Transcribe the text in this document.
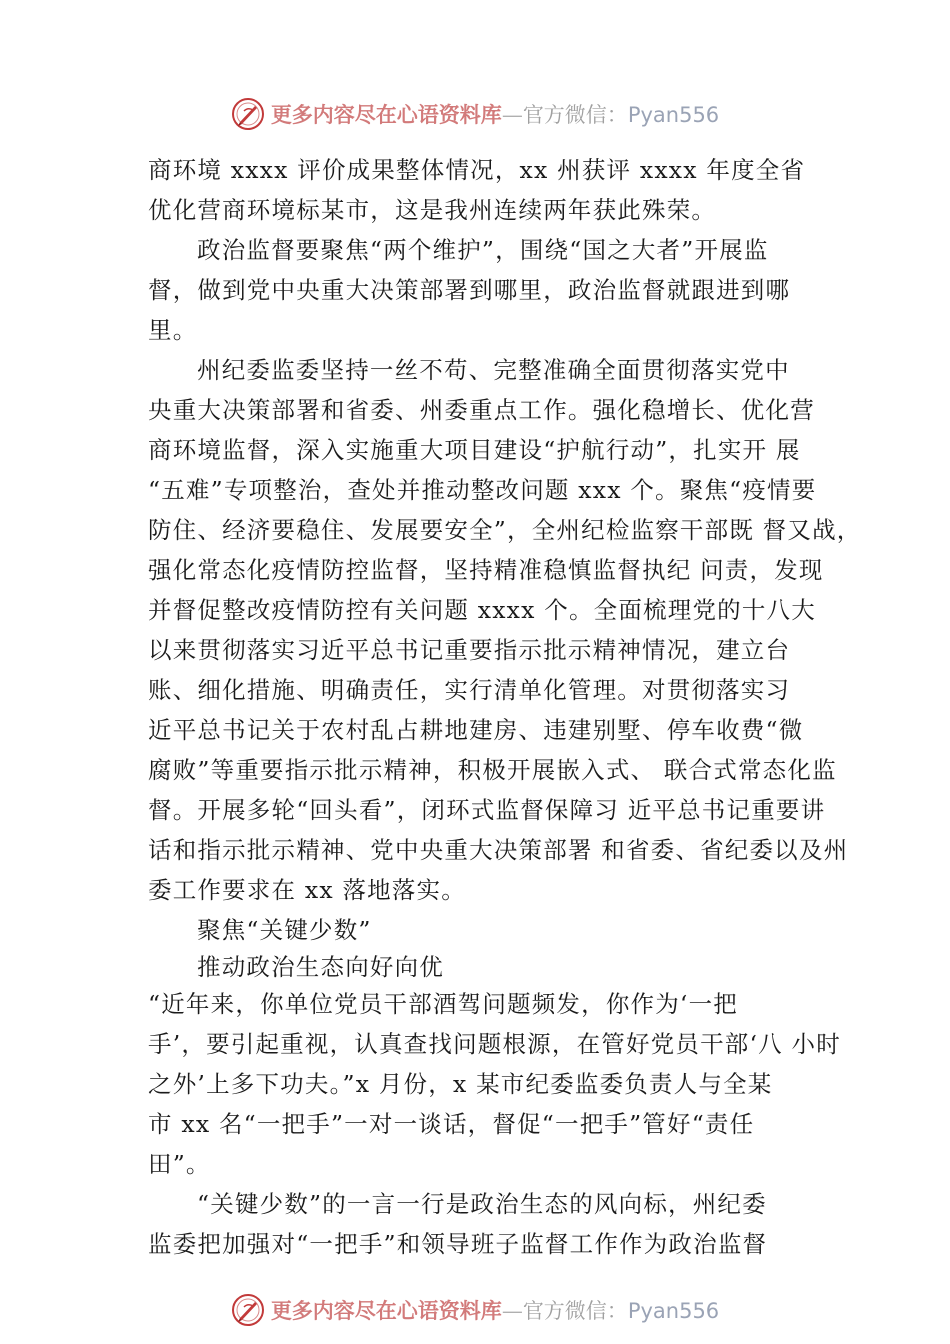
更多内容尽在心语资料库—官方微信：Pyan556
商环境 xxxx 评价成果整体情况，xx 州获评 xxxx 年度全省
优化营商环境标某市，这是我州连续两年获此殊荣。
政治监督要聚焦“两个维护”，围绕“国之大者”开展监
督，做到党中央重大决策部署到哪里，政治监督就跟进到哪
里。
州纪委监委坚持一丝不苟、完整准确全面贯彻落实党中
央重大决策部署和省委、州委重点工作。强化稳增长、优化营
商环境监督，深入实施重大项目建设“护航行动”，扎实开 展
“五难”专项整治，查处并推动整改问题 xxx 个。聚焦“疫情要
防住、经济要稳住、发展要安全”，全州纪检监察干部既 督又战，
强化常态化疫情防控监督，坚持精准稳慎监督执纪 问责，发现
并督促整改疫情防控有关问题 xxxx 个。全面梳理党的十八大
以来贯彻落实习近平总书记重要指示批示精神情况，建立台
账、细化措施、明确责任，实行清单化管理。对贯彻落实习
近平总书记关于农村乱占耕地建房、违建别墅、停车收费“微
腐败”等重要指示批示精神，积极开展嵌入式、 联合式常态化监
督。开展多轮“回头看”，闭环式监督保障习 近平总书记重要讲
话和指示批示精神、党中央重大决策部署 和省委、省纪委以及州
委工作要求在 xx 落地落实。
聚焦“关键少数”
推动政治生态向好向优
“近年来，你单位党员干部酒驾问题频发，你作为‘一把
手’，要引起重视，认真查找问题根源，在管好党员干部‘八 小时
之外’上多下功夫。”x 月份，x 某市纪委监委负责人与全某
市 xx 名“一把手”一对一谈话，督促“一把手”管好“责任
田”。
“关键少数”的一言一行是政治生态的风向标，州纪委
监委把加强对“一把手”和领导班子监督工作作为政治监督
更多内容尽在心语资料库—官方微信：Pyan556
